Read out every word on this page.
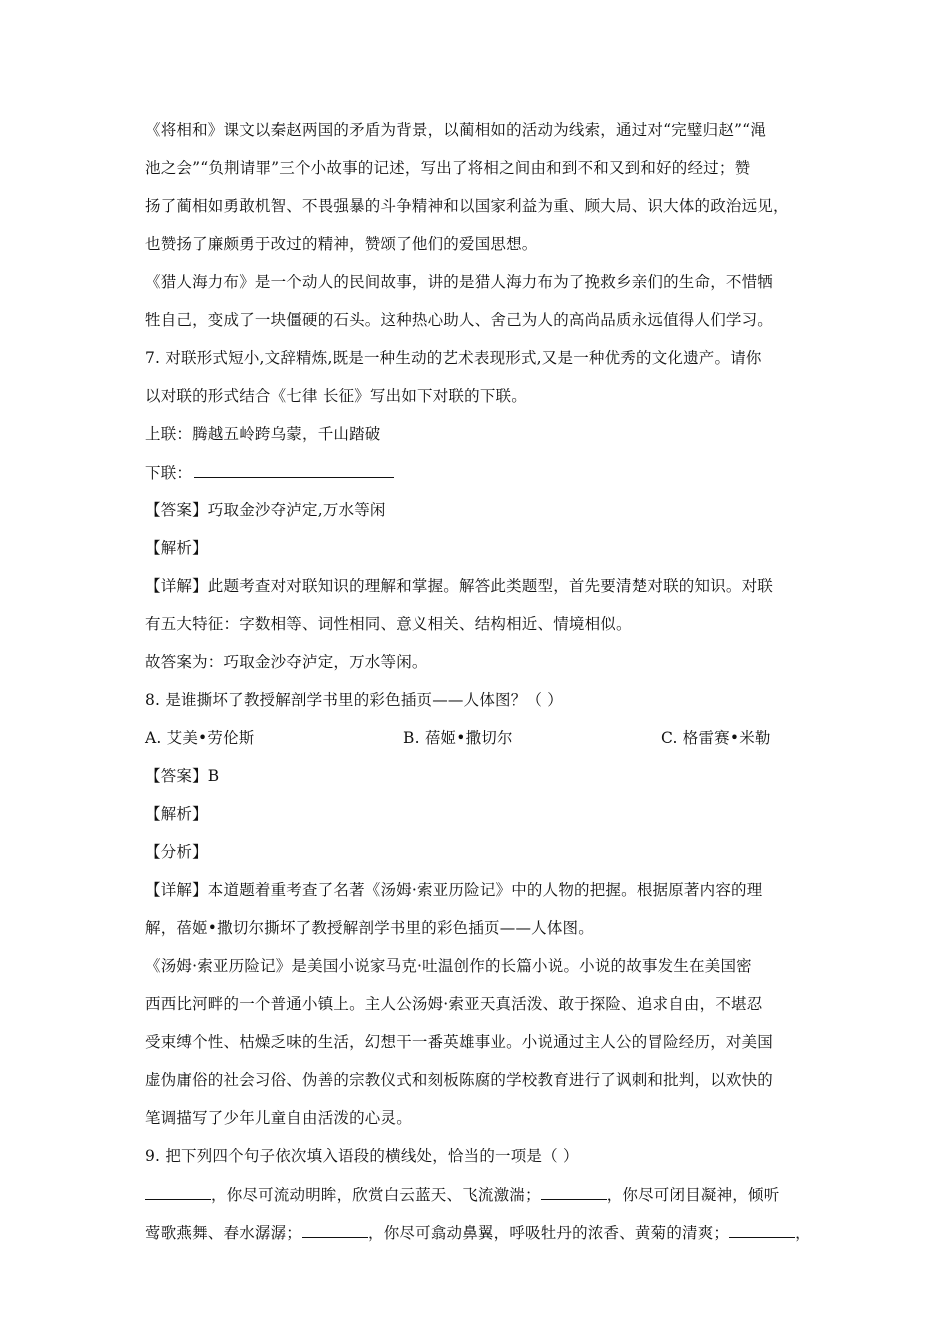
《将相和》课文以秦赵两国的矛盾为背景，以蔺相如的活动为线索，通过对“完璧归赵”“渑
池之会”“负荆请罪”三个小故事的记述，写出了将相之间由和到不和又到和好的经过；赞
扬了蔺相如勇敢机智、不畏强暴的斗争精神和以国家利益为重、顾大局、识大体的政治远见，
也赞扬了廉颇勇于改过的精神，赞颂了他们的爱国思想。
《猎人海力布》是一个动人的民间故事，讲的是猎人海力布为了挽救乡亲们的生命，不惜牺
牲自己，变成了一块僵硬的石头。这种热心助人、舍己为人的高尚品质永远值得人们学习。
7. 对联形式短小,文辞精炼,既是一种生动的艺术表现形式,又是一种优秀的文化遗产。请你
以对联的形式结合《七律 长征》写出如下对联的下联。
上联：腾越五岭跨乌蒙，千山踏破
下联：
【答案】巧取金沙夺泸定,万水等闲
【解析】
【详解】此题考查对对联知识的理解和掌握。解答此类题型，首先要清楚对联的知识。对联
有五大特征：字数相等、词性相同、意义相关、结构相近、情境相似。
故答案为：巧取金沙夺泸定，万水等闲。
8. 是谁撕坏了教授解剖学书里的彩色插页——人体图？（ ）
A. 艾美•劳伦斯	B. 蓓姬•撒切尔	C. 格雷赛•米勒
【答案】B
【解析】
【分析】
【详解】本道题着重考查了名著《汤姆·索亚历险记》中的人物的把握。根据原著内容的理
解，蓓姬•撒切尔撕坏了教授解剖学书里的彩色插页——人体图。
《汤姆·索亚历险记》是美国小说家马克·吐温创作的长篇小说。小说的故事发生在美国密
西西比河畔的一个普通小镇上。主人公汤姆·索亚天真活泼、敢于探险、追求自由，不堪忍
受束缚个性、枯燥乏味的生活，幻想干一番英雄事业。小说通过主人公的冒险经历，对美国
虚伪庸俗的社会习俗、伪善的宗教仪式和刻板陈腐的学校教育进行了讽刺和批判，以欢快的
笔调描写了少年儿童自由活泼的心灵。
9. 把下列四个句子依次填入语段的横线处，恰当的一项是（ ）
，你尽可流动明眸，欣赏白云蓝天、飞流激湍；	，你尽可闭目凝神，倾听
莺歌燕舞、春水潺潺；	，你尽可翕动鼻翼，呼吸牡丹的浓香、黄菊的清爽；	，
